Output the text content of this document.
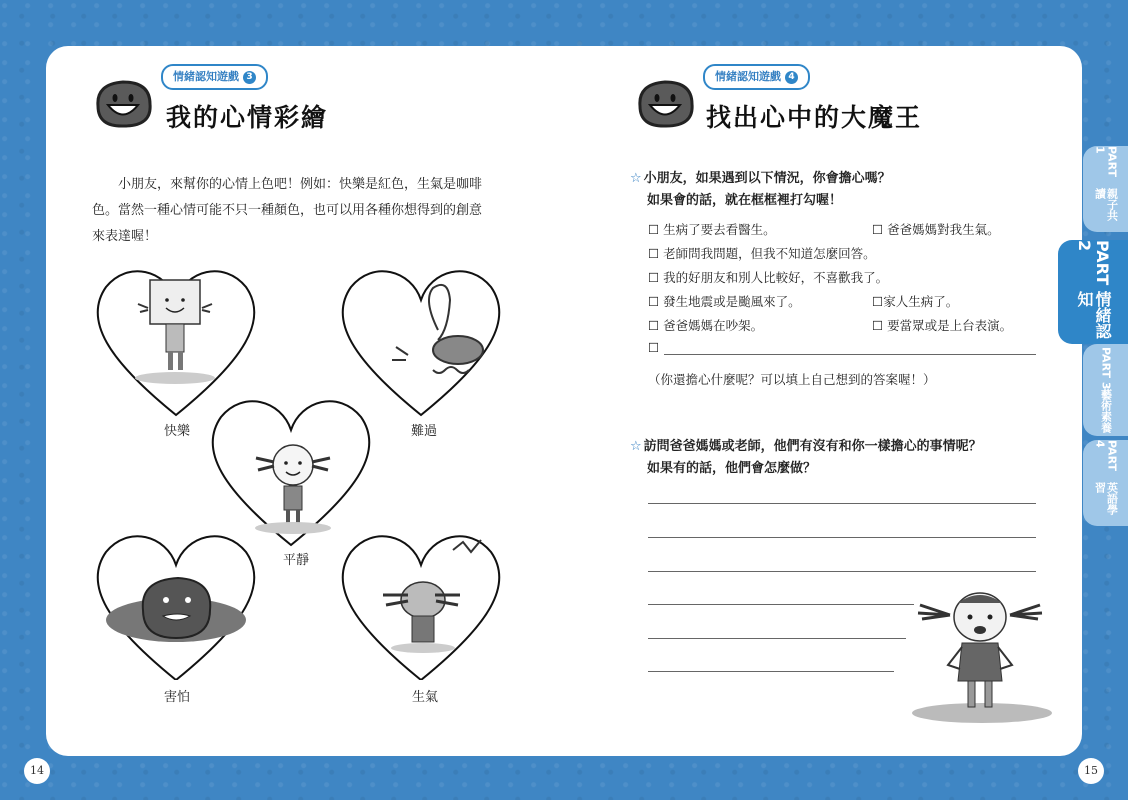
情緒認知遊戲 3
我的心情彩繪
小朋友，來幫你的心情上色吧！例如：快樂是紅色，生氣是咖啡
色。當然一種心情可能不只一種顏色，也可以用各種你想得到的創意
來表達喔！
快樂	難過
平靜
害怕	生氣
14
情緒認知遊戲 4
找出心中的大魔王
☆ 小朋友，如果遇到以下情況，你會擔心嗎？
如果會的話，就在框框裡打勾喔！
☐ 生病了要去看醫生。	☐ 爸爸媽媽對我生氣。
☐ 老師問我問題，但我不知道怎麼回答。
☐ 我的好朋友和別人比較好，不喜歡我了。
☐ 發生地震或是颱風來了。	☐家人生病了。
☐ 爸爸媽媽在吵架。	☐ 要當眾或是上台表演。
☐
（你還擔心什麼呢？可以填上自己想到的答案喔！）
☆ 訪問爸爸媽媽或老師，他們有沒有和你一樣擔心的事情呢？
如果有的話，他們會怎麼做？
15
PART 1
親子共讀
PART 2
情緒認知
PART 3
藝術素養
PART 4
英語學習
